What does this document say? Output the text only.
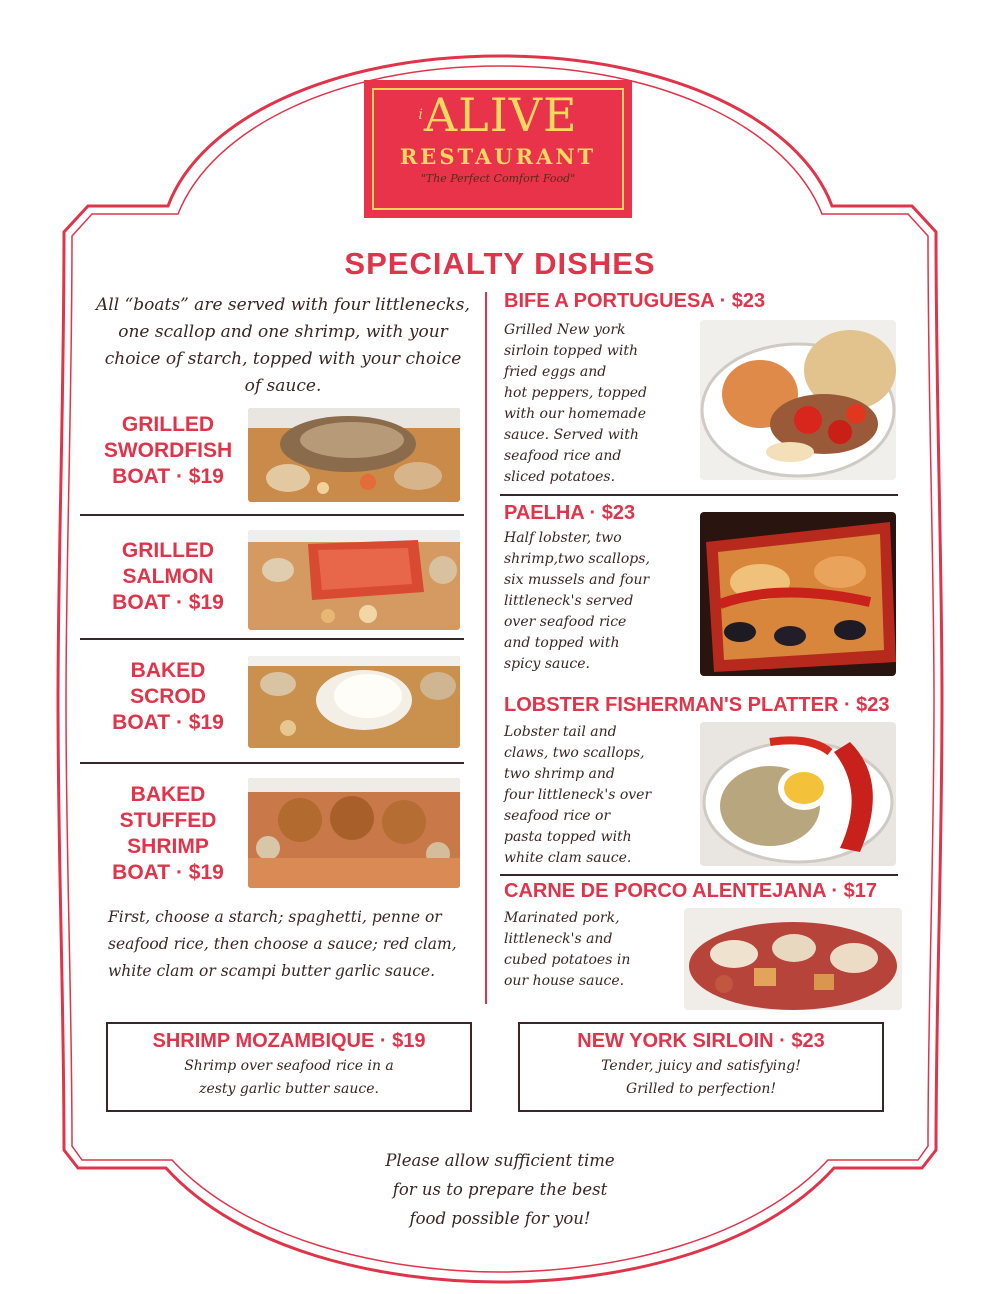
$^i$ALIVE
RESTAURANT
"The Perfect Comfort Food"
SPECIALTY DISHES
All “boats” are served with four littlenecks, one scallop and one shrimp, with your choice of starch, topped with your choice of sauce.
GRILLED
SWORDFISH
BOAT · $19
GRILLED
SALMON
BOAT · $19
BAKED
SCROD
BOAT · $19
BAKED
STUFFED
SHRIMP
BOAT · $19
First, choose a starch; spaghetti, penne or seafood rice, then choose a sauce; red clam, white clam or scampi butter garlic sauce.
BIFE A PORTUGUESA · $23
Grilled New york
sirloin topped with
fried eggs and
hot peppers, topped
with our homemade
sauce. Served with
seafood rice and
sliced potatoes.
PAELHA · $23
Half lobster, two
shrimp,two scallops,
six mussels and four
littleneck's served
over seafood rice
and topped with
spicy sauce.
LOBSTER FISHERMAN'S PLATTER · $23
Lobster tail and
claws, two scallops,
two shrimp and
four littleneck's over
seafood rice or
pasta topped with
white clam sauce.
CARNE DE PORCO ALENTEJANA · $17
Marinated pork,
littleneck's and
cubed potatoes in
our house sauce.
SHRIMP MOZAMBIQUE · $19
Shrimp over seafood rice in a
zesty garlic butter sauce.
NEW YORK SIRLOIN · $23
Tender, juicy and satisfying!
Grilled to perfection!
Please allow sufficient time
for us to prepare the best
food possible for you!
